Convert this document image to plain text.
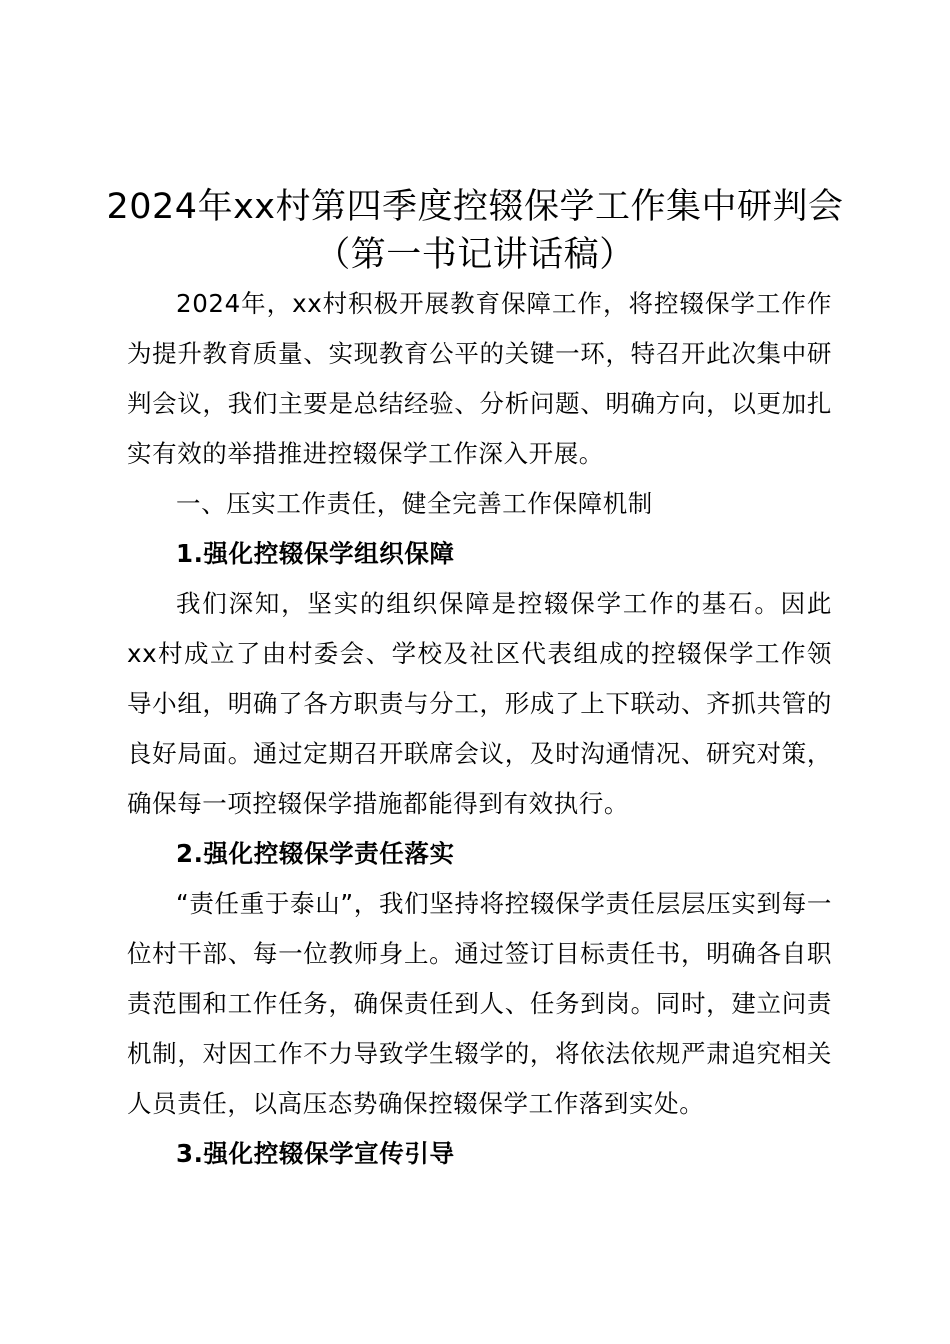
2024年xx村第四季度控辍保学工作集中研判会（第一书记讲话稿）

2024年，xx村积极开展教育保障工作，将控辍保学工作作为提升教育质量、实现教育公平的关键一环，特召开此次集中研判会议，我们主要是总结经验、分析问题、明确方向，以更加扎实有效的举措推进控辍保学工作深入开展。

一、压实工作责任，健全完善工作保障机制

1.强化控辍保学组织保障

我们深知，坚实的组织保障是控辍保学工作的基石。因此xx村成立了由村委会、学校及社区代表组成的控辍保学工作领导小组，明确了各方职责与分工，形成了上下联动、齐抓共管的良好局面。通过定期召开联席会议，及时沟通情况、研究对策，确保每一项控辍保学措施都能得到有效执行。

2.强化控辍保学责任落实

“责任重于泰山”，我们坚持将控辍保学责任层层压实到每一位村干部、每一位教师身上。通过签订目标责任书，明确各自职责范围和工作任务，确保责任到人、任务到岗。同时，建立问责机制，对因工作不力导致学生辍学的，将依法依规严肃追究相关人员责任，以高压态势确保控辍保学工作落到实处。

3.强化控辍保学宣传引导
